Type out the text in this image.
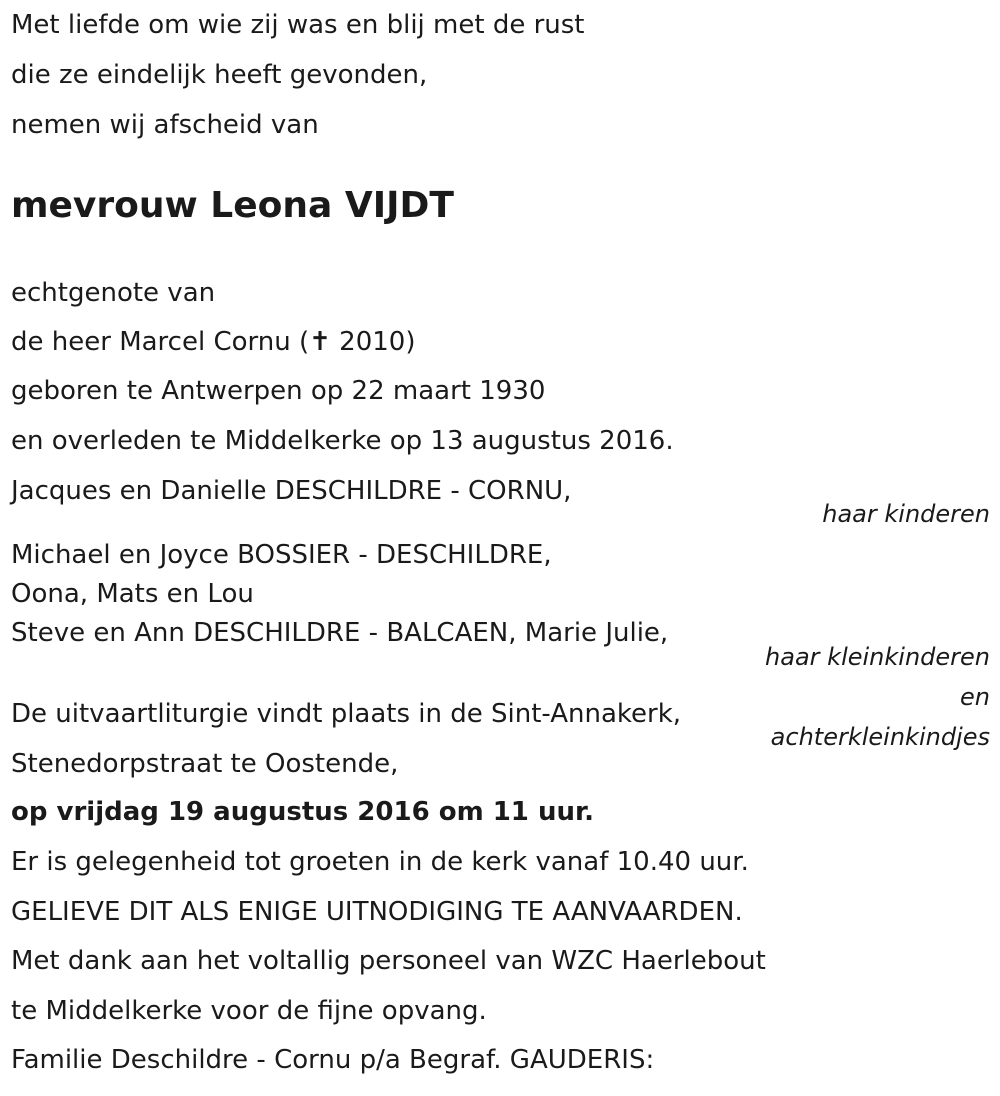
Met liefde om wie zij was en blij met de rust
die ze eindelijk heeft gevonden,
nemen wij afscheid van
mevrouw Leona VIJDT
echtgenote van
de heer Marcel Cornu (✝ 2010)
geboren te Antwerpen op 22 maart 1930
en overleden te Middelkerke op 13 augustus 2016.
Jacques en Danielle DESCHILDRE - CORNU,
haar kinderen
Michael en Joyce BOSSIER - DESCHILDRE,
Oona, Mats en Lou
Steve en Ann DESCHILDRE - BALCAEN, Marie Julie,
haar kleinkinderen
en
achterkleinkindjes
De uitvaartliturgie vindt plaats in de Sint-Annakerk,
Stenedorpstraat te Oostende,
op vrijdag 19 augustus 2016 om 11 uur.
Er is gelegenheid tot groeten in de kerk vanaf 10.40 uur.
GELIEVE DIT ALS ENIGE UITNODIGING TE AANVAARDEN.
Met dank aan het voltallig personeel van WZC Haerlebout
te Middelkerke voor de fijne opvang.
Familie Deschildre - Cornu p/a Begraf. GAUDERIS:
